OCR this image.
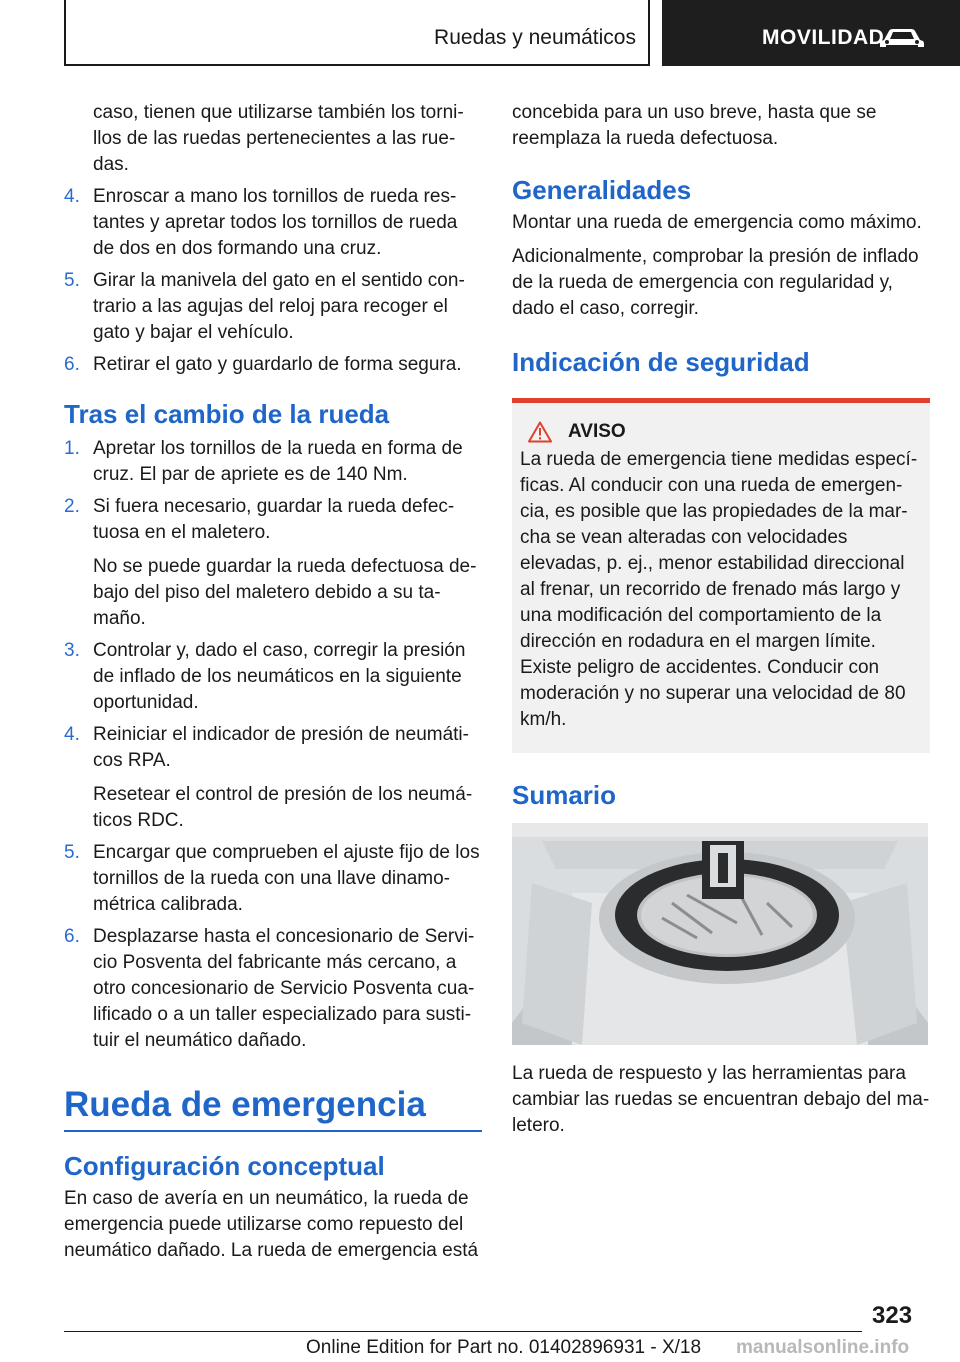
Ruedas y neumáticos	MOVILIDAD
caso, tienen que utilizarse también los tornillos de las ruedas pertenecientes a las ruedas.
4. Enroscar a mano los tornillos de rueda restantes y apretar todos los tornillos de rueda de dos en dos formando una cruz.
5. Girar la manivela del gato en el sentido contrario a las agujas del reloj para recoger el gato y bajar el vehículo.
6. Retirar el gato y guardarlo de forma segura.
Tras el cambio de la rueda
1. Apretar los tornillos de la rueda en forma de cruz. El par de apriete es de 140 Nm.
2. Si fuera necesario, guardar la rueda defectuosa en el maletero.
No se puede guardar la rueda defectuosa debajo del piso del maletero debido a su tamaño.
3. Controlar y, dado el caso, corregir la presión de inflado de los neumáticos en la siguiente oportunidad.
4. Reiniciar el indicador de presión de neumáticos RPA.
Resetear el control de presión de los neumáticos RDC.
5. Encargar que comprueben el ajuste fijo de los tornillos de la rueda con una llave dinamométrica calibrada.
6. Desplazarse hasta el concesionario de Servicio Posventa del fabricante más cercano, a otro concesionario de Servicio Posventa cualificado o a un taller especializado para sustituir el neumático dañado.
Rueda de emergencia
Configuración conceptual

En caso de avería en un neumático, la rueda de emergencia puede utilizarse como repuesto del neumático dañado. La rueda de emergencia está

concebida para un uso breve, hasta que se reemplaza la rueda defectuosa.

Generalidades

Montar una rueda de emergencia como máximo.

Adicionalmente, comprobar la presión de inflado de la rueda de emergencia con regularidad y, dado el caso, corregir.

Indicación de seguridad
AVISO

La rueda de emergencia tiene medidas específicas. Al conducir con una rueda de emergencia, es posible que las propiedades de la marcha se vean alteradas con velocidades elevadas, p. ej., menor estabilidad direccional al frenar, un recorrido de frenado más largo y una modificación del comportamiento de la dirección en rodadura en el margen límite. Existe peligro de accidentes. Conducir con moderación y no superar una velocidad de 80 km/h.

Sumario

La rueda de respuesto y las herramientas para cambiar las ruedas se encuentran debajo del maletero.

323
Online Edition for Part no. 01402896931 - X/18 manualsonline.info
